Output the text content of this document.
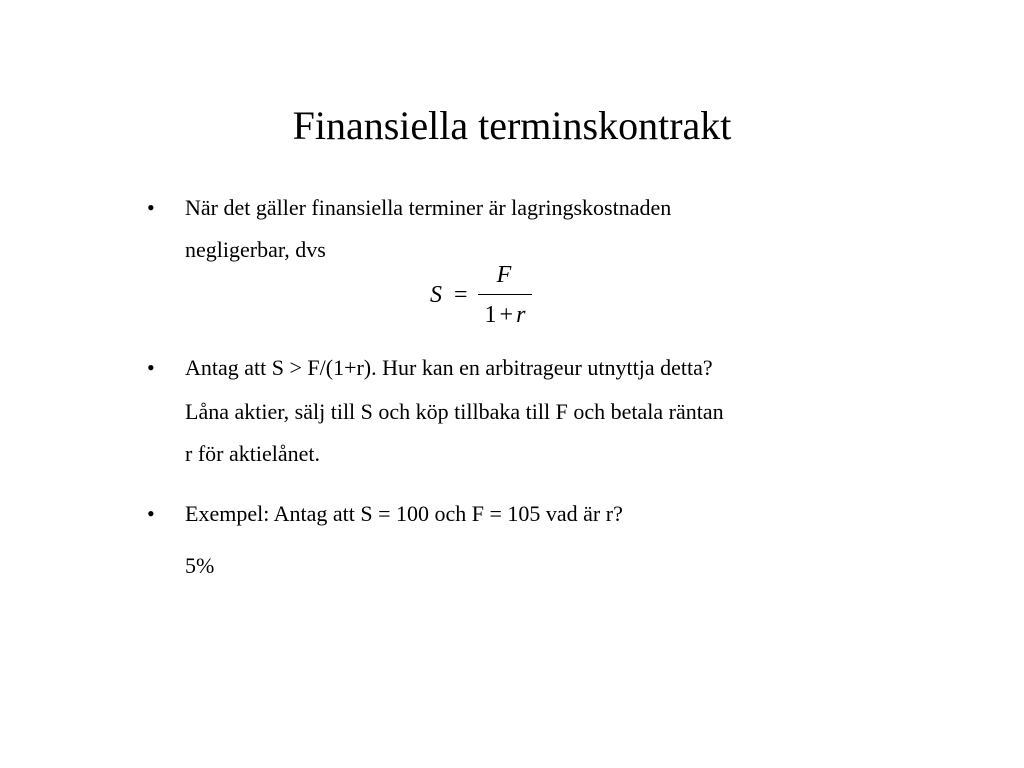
Finansiella terminskontrakt
• När det gäller finansiella terminer är lagringskostnaden
negligerbar, dvs
S =
F
1 + r
• Antag att S > F/(1+r). Hur kan en arbitrageur utnyttja detta?
Låna aktier, sälj till S och köp tillbaka till F och betala räntan
r för aktielånet.
• Exempel: Antag att S = 100 och F = 105 vad är r?
5%
